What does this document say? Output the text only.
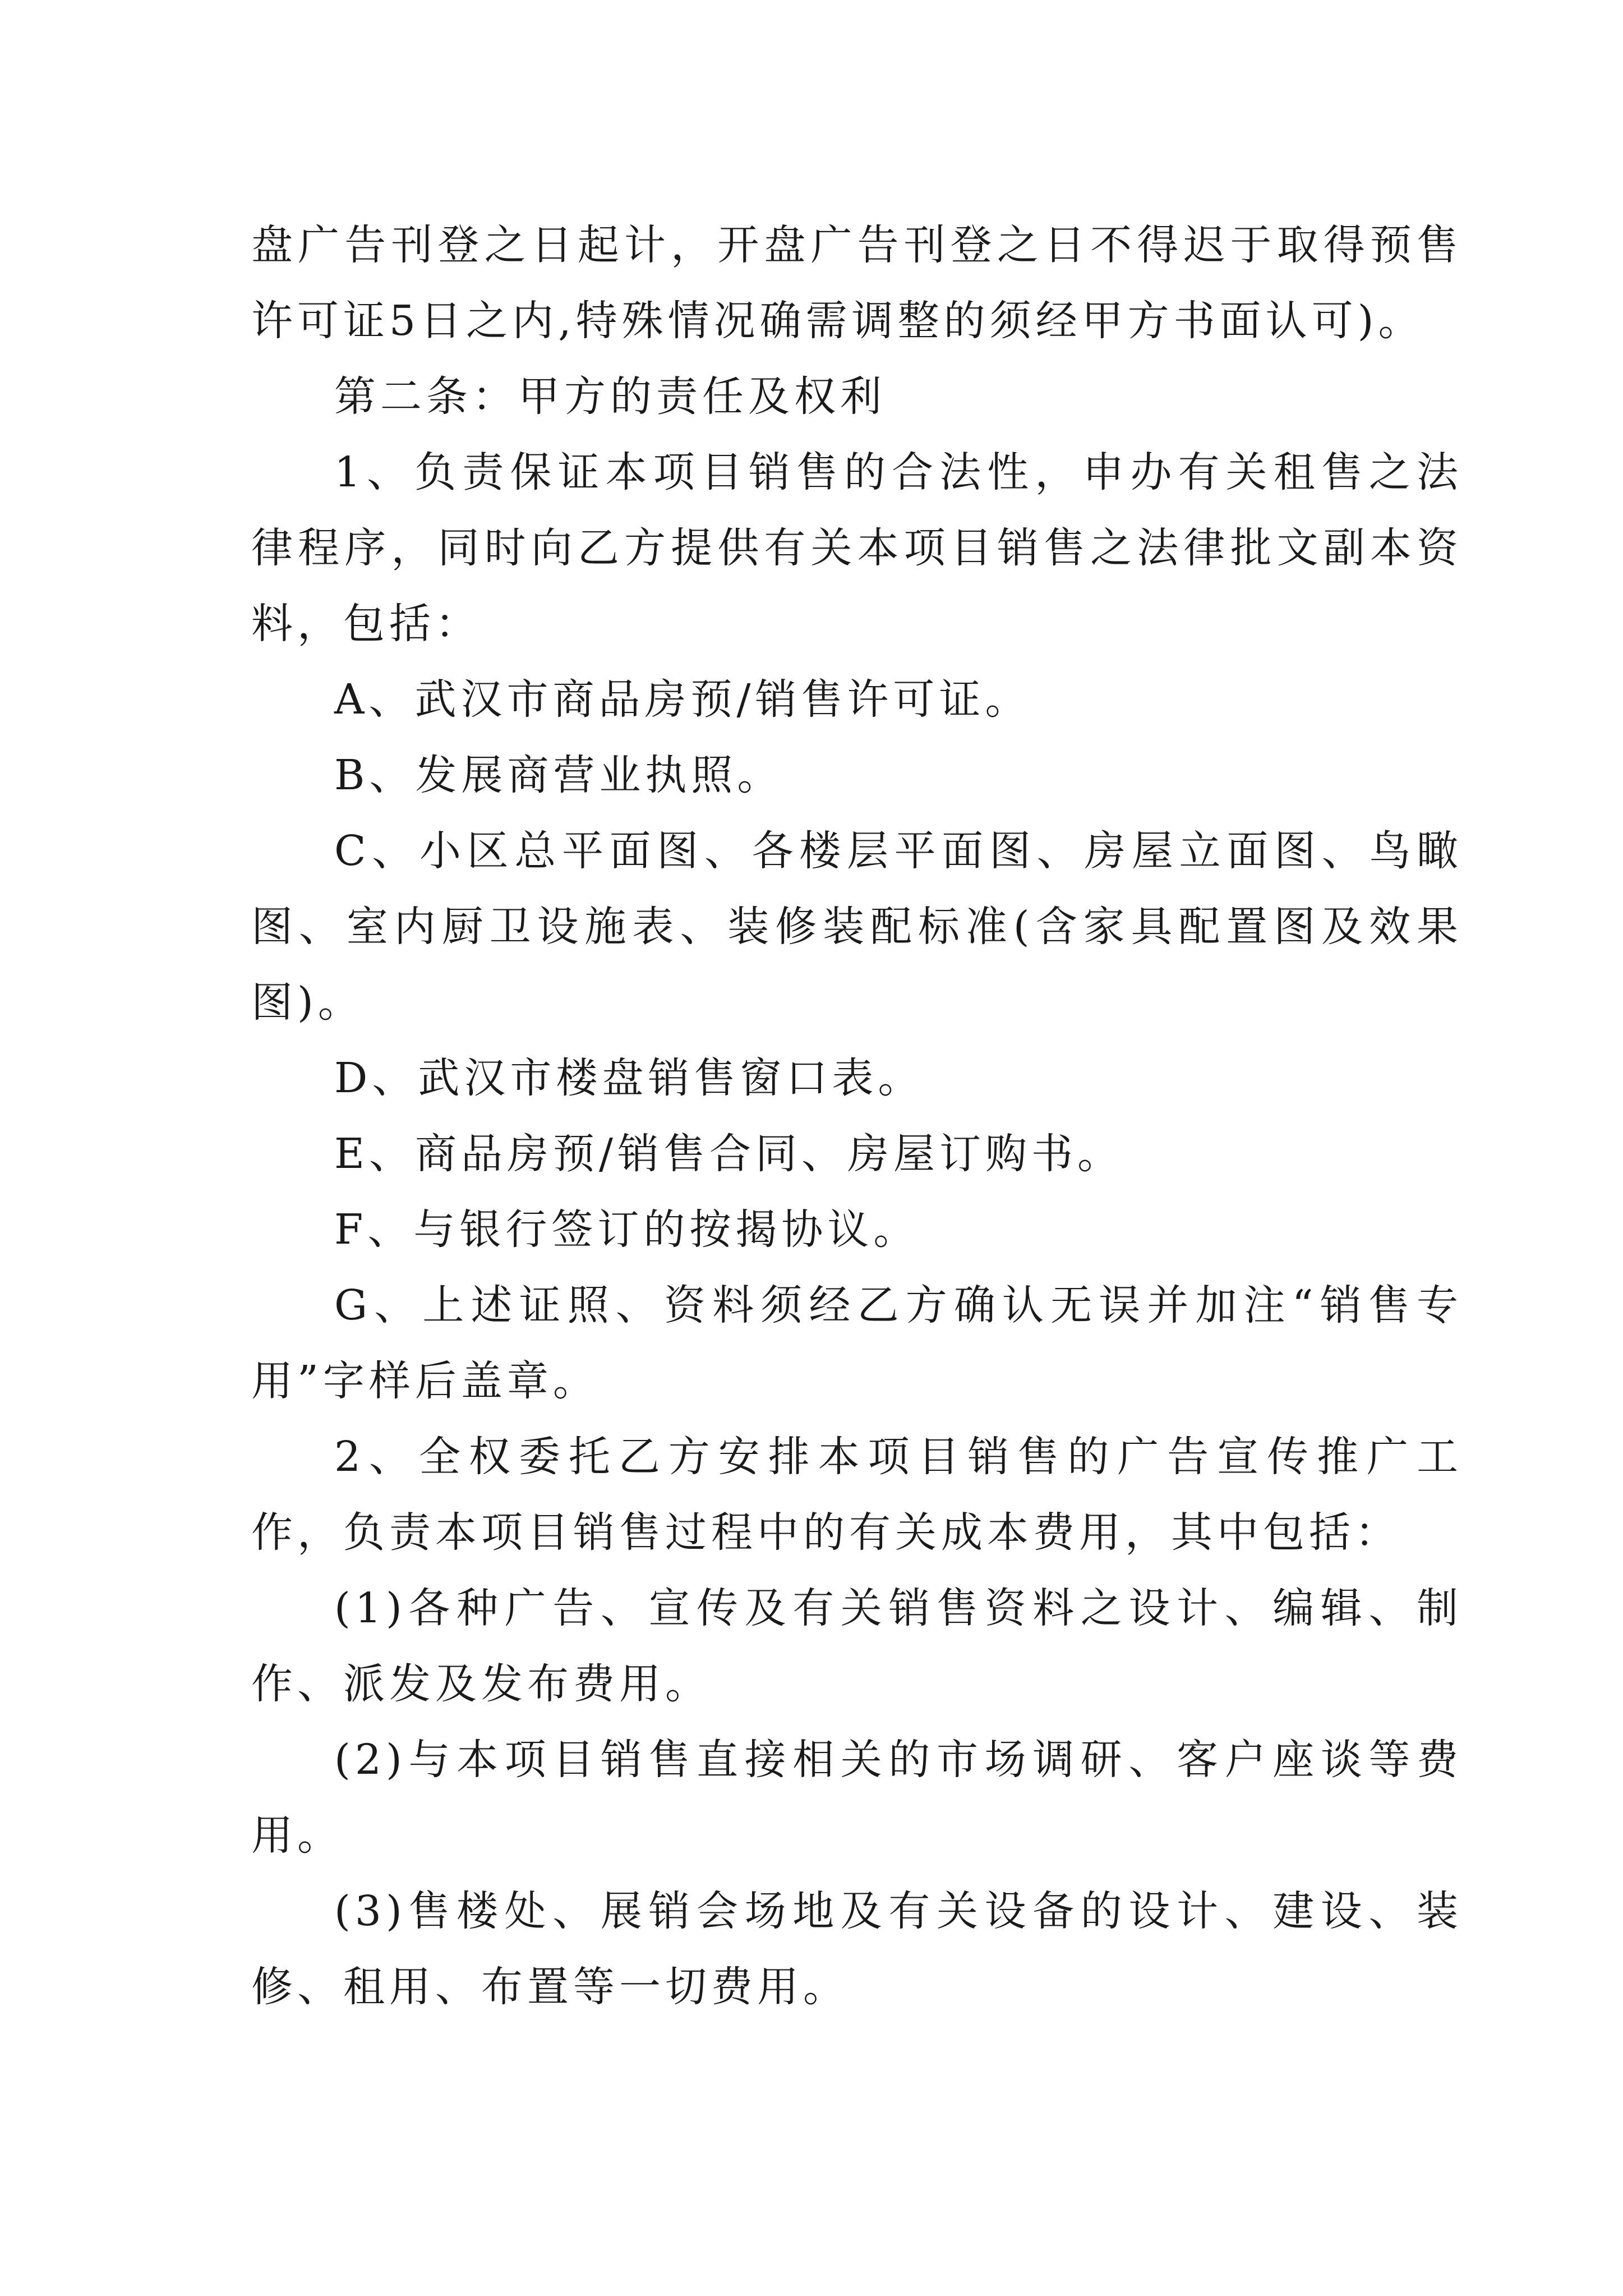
盘广告刊登之日起计，开盘广告刊登之日不得迟于取得预售许可证5日之内,特殊情况确需调整的须经甲方书面认可)。

第二条：甲方的责任及权利

1、负责保证本项目销售的合法性，申办有关租售之法律程序，同时向乙方提供有关本项目销售之法律批文副本资料，包括：

A、武汉市商品房预/销售许可证。

B、发展商营业执照。

C、小区总平面图、各楼层平面图、房屋立面图、鸟瞰图、室内厨卫设施表、装修装配标准(含家具配置图及效果图)。

D、武汉市楼盘销售窗口表。

E、商品房预/销售合同、房屋订购书。

F、与银行签订的按揭协议。

G、上述证照、资料须经乙方确认无误并加注“销售专用”字样后盖章。

2、全权委托乙方安排本项目销售的广告宣传推广工作，负责本项目销售过程中的有关成本费用，其中包括：

(1)各种广告、宣传及有关销售资料之设计、编辑、制作、派发及发布费用。

(2)与本项目销售直接相关的市场调研、客户座谈等费用。

(3)售楼处、展销会场地及有关设备的设计、建设、装修、租用、布置等一切费用。
